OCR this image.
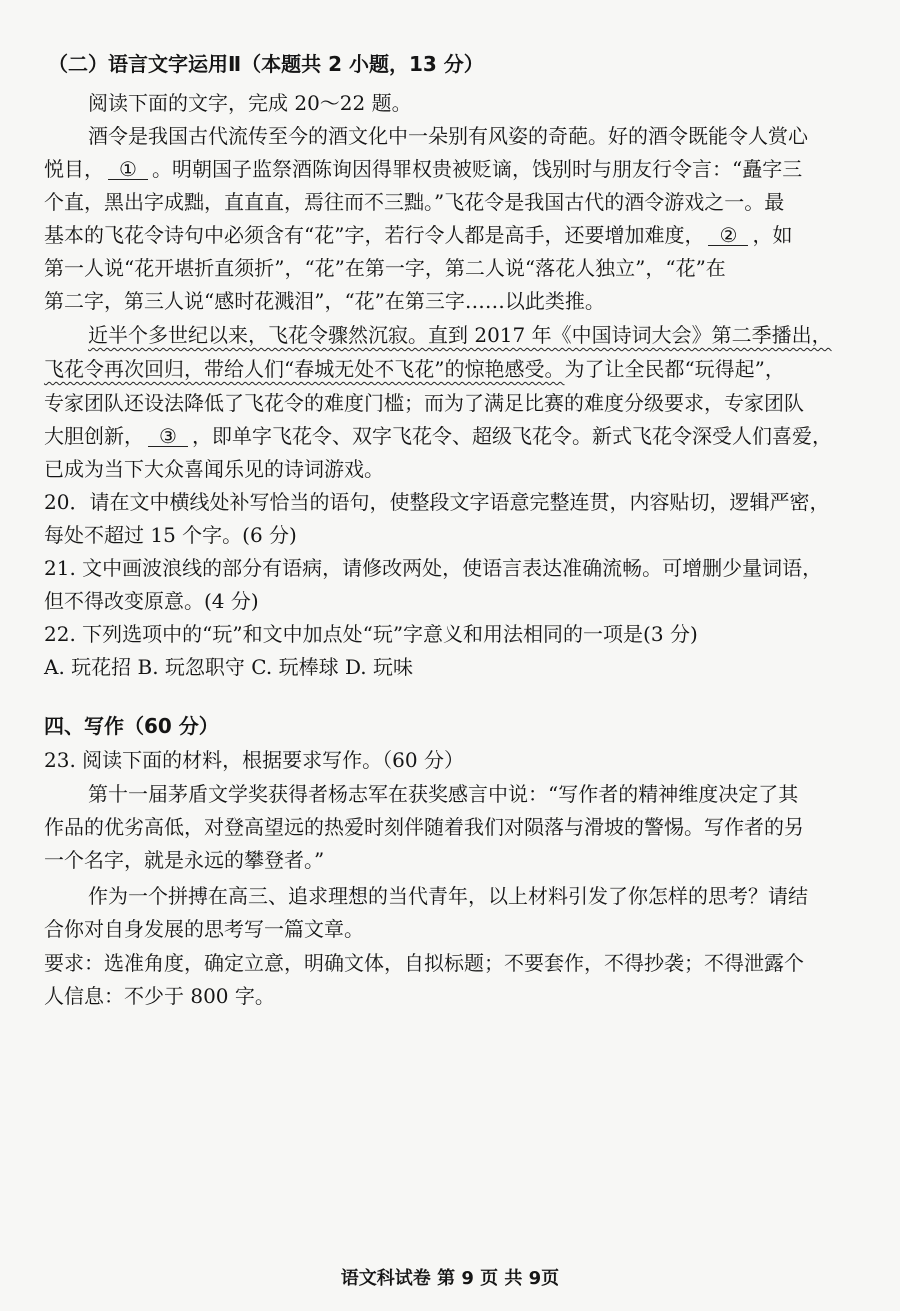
（二）语言文字运用Ⅱ（本题共 2 小题，13 分）
阅读下面的文字，完成 20～22 题。
酒令是我国古代流传至今的酒文化中一朵别有风姿的奇葩。好的酒令既能令人赏心
悦目， ① 。明朝国子监祭酒陈询因得罪权贵被贬谪，饯别时与朋友行令言：“矗字三
个直，黑出字成黜，直直直，焉往而不三黜。”飞花令是我国古代的酒令游戏之一。最
基本的飞花令诗句中必须含有“花”字，若行令人都是高手，还要增加难度， ② ，如
第一人说“花开堪折直须折”，“花”在第一字，第二人说“落花人独立”，“花”在
第二字，第三人说“感时花溅泪”，“花”在第三字……以此类推。
近半个多世纪以来，飞花令骤然沉寂。直到 2017 年《中国诗词大会》第二季播出，
飞花令再次回归，带给人们“春城无处不飞花”的惊艳感受。为了让全民都“玩得起”，
专家团队还设法降低了飞花令的难度门槛；而为了满足比赛的难度分级要求，专家团队
大胆创新， ③ ，即单字飞花令、双字飞花令、超级飞花令。新式飞花令深受人们喜爱，
已成为当下大众喜闻乐见的诗词游戏。
20．请在文中横线处补写恰当的语句，使整段文字语意完整连贯，内容贴切，逻辑严密，
每处不超过 15 个字。(6 分)
21. 文中画波浪线的部分有语病，请修改两处，使语言表达准确流畅。可增删少量词语，
但不得改变原意。(4 分)
22. 下列选项中的“玩”和文中加点处“玩”字意义和用法相同的一项是(3 分)
A. 玩花招 B. 玩忽职守 C. 玩棒球 D. 玩味
四、写作（60 分）
23. 阅读下面的材料，根据要求写作。（60 分）
第十一届茅盾文学奖获得者杨志军在获奖感言中说：“写作者的精神维度决定了其
作品的优劣高低，对登高望远的热爱时刻伴随着我们对陨落与滑坡的警惕。写作者的另
一个名字，就是永远的攀登者。”
作为一个拼搏在高三、追求理想的当代青年，以上材料引发了你怎样的思考？请结
合你对自身发展的思考写一篇文章。
要求：选准角度，确定立意，明确文体，自拟标题；不要套作，不得抄袭；不得泄露个
人信息：不少于 800 字。
语文科试卷 第 9 页 共 9页
